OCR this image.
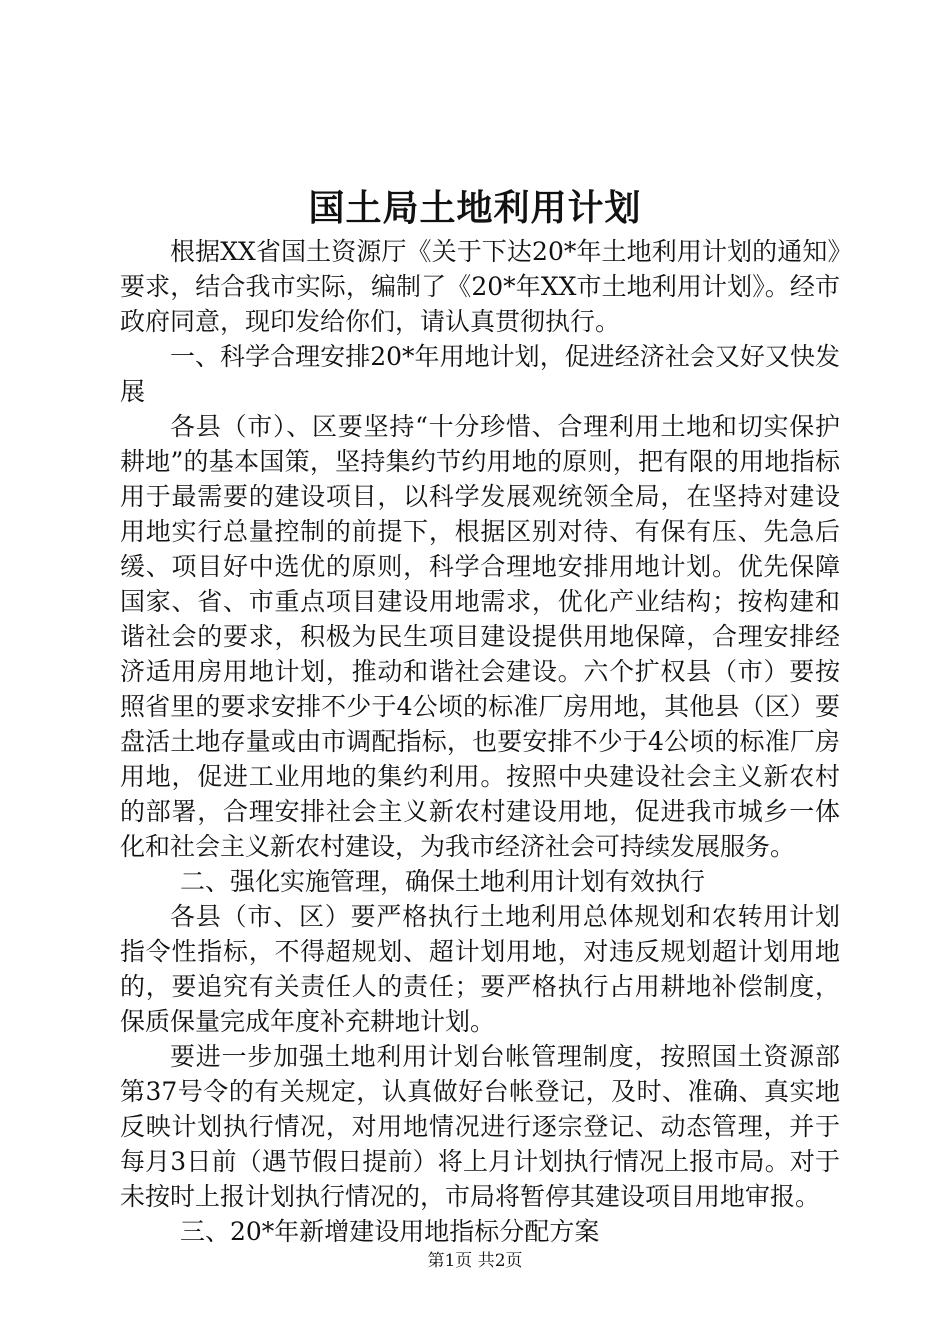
国土局土地利用计划

根据XX省国土资源厅《关于下达20*年土地利用计划的通知》要求，结合我市实际，编制了《20*年XX市土地利用计划》。经市政府同意，现印发给你们，请认真贯彻执行。

一、科学合理安排20*年用地计划，促进经济社会又好又快发展

各县（市）、区要坚持“十分珍惜、合理利用土地和切实保护耕地”的基本国策，坚持集约节约用地的原则，把有限的用地指标用于最需要的建设项目，以科学发展观统领全局，在坚持对建设用地实行总量控制的前提下，根据区别对待、有保有压、先急后缓、项目好中选优的原则，科学合理地安排用地计划。优先保障国家、省、市重点项目建设用地需求，优化产业结构；按构建和谐社会的要求，积极为民生项目建设提供用地保障，合理安排经济适用房用地计划，推动和谐社会建设。六个扩权县（市）要按照省里的要求安排不少于4公顷的标准厂房用地，其他县（区）要盘活土地存量或由市调配指标，也要安排不少于4公顷的标准厂房用地，促进工业用地的集约利用。按照中央建设社会主义新农村的部署，合理安排社会主义新农村建设用地，促进我市城乡一体化和社会主义新农村建设，为我市经济社会可持续发展服务。

二、强化实施管理，确保土地利用计划有效执行

各县（市、区）要严格执行土地利用总体规划和农转用计划指令性指标，不得超规划、超计划用地，对违反规划超计划用地的，要追究有关责任人的责任；要严格执行占用耕地补偿制度，保质保量完成年度补充耕地计划。

要进一步加强土地利用计划台帐管理制度，按照国土资源部第37号令的有关规定，认真做好台帐登记，及时、准确、真实地反映计划执行情况，对用地情况进行逐宗登记、动态管理，并于每月3日前（遇节假日提前）将上月计划执行情况上报市局。对于未按时上报计划执行情况的，市局将暂停其建设项目用地审报。

三、20*年新增建设用地指标分配方案

第1页 共2页
